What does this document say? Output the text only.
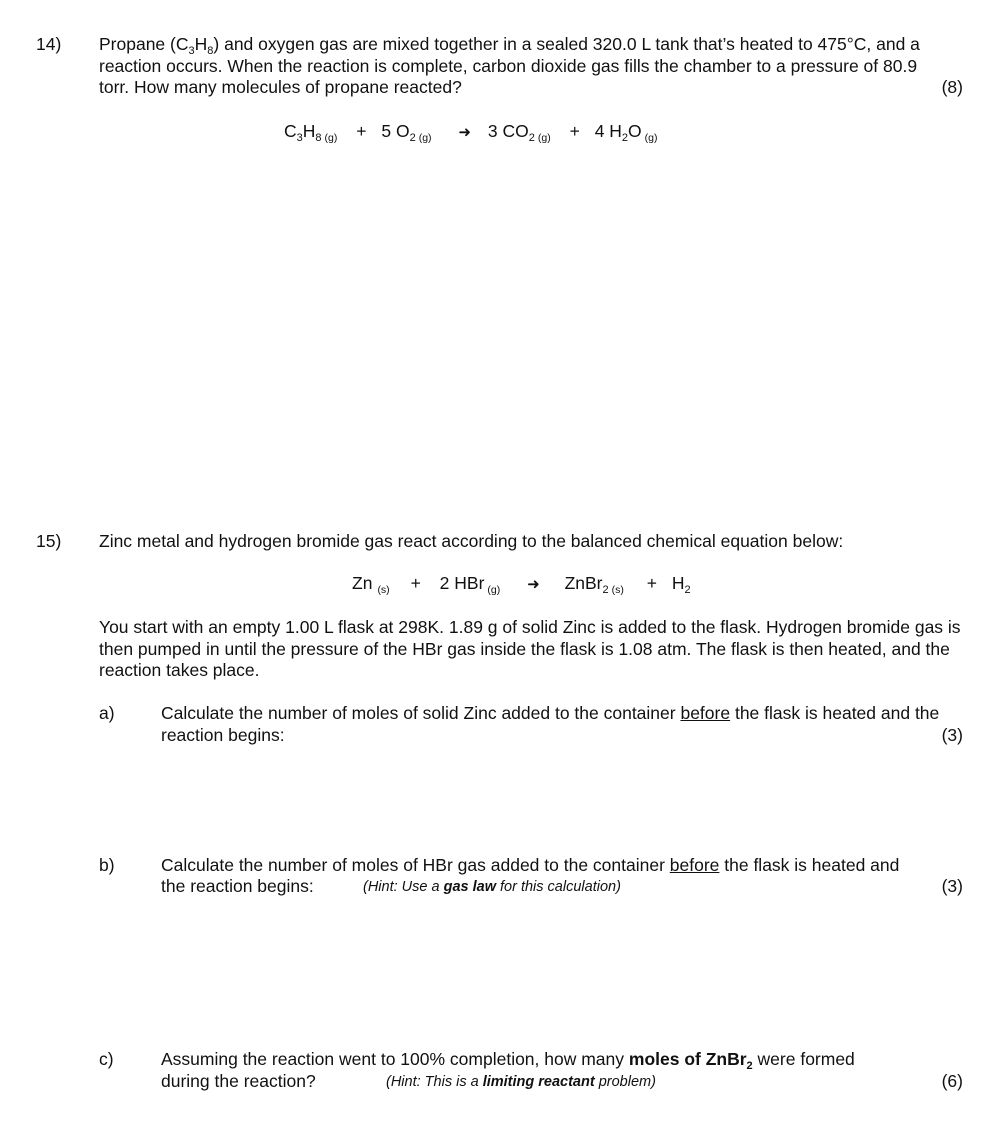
14) Propane $(C_3H_8)$ and oxygen gas are mixed together in a sealed 320.0 L tank that’s heated to 475°C, and a reaction occurs. When the reaction is complete, carbon dioxide gas fills the chamber to a pressure of 80.9 torr. How many molecules of propane reacted?	(8)
$C_3H_8$ (g) + 5 $O_2$ (g) ➜ 3 $CO_2$ (g) + 4 $H_2O$ (g)
15) Zinc metal and hydrogen bromide gas react according to the balanced chemical equation below:
Zn (s) + 2 HBr (g) ➜ ZnBr$_2$ $(s) + H_2$
You start with an empty 1.00 L flask at 298K. 1.89 g of solid Zinc is added to the flask. Hydrogen bromide gas is then pumped in until the pressure of the HBr gas inside the flask is 1.08 atm. The flask is then heated, and the reaction takes place.
a)	Calculate the number of moles of solid Zinc added to the container before the flask is heated and the reaction begins:	(3)
b)	Calculate the number of moles of HBr gas added to the container before the flask is heated and
the reaction begins:	(Hint: Use a gas law for this calculation)	(3)
c)	Assuming the reaction went to 100% completion, how many moles of ZnBr$_2$ were formed
during the reaction?	(Hint: This is a limiting reactant problem)	(6)
